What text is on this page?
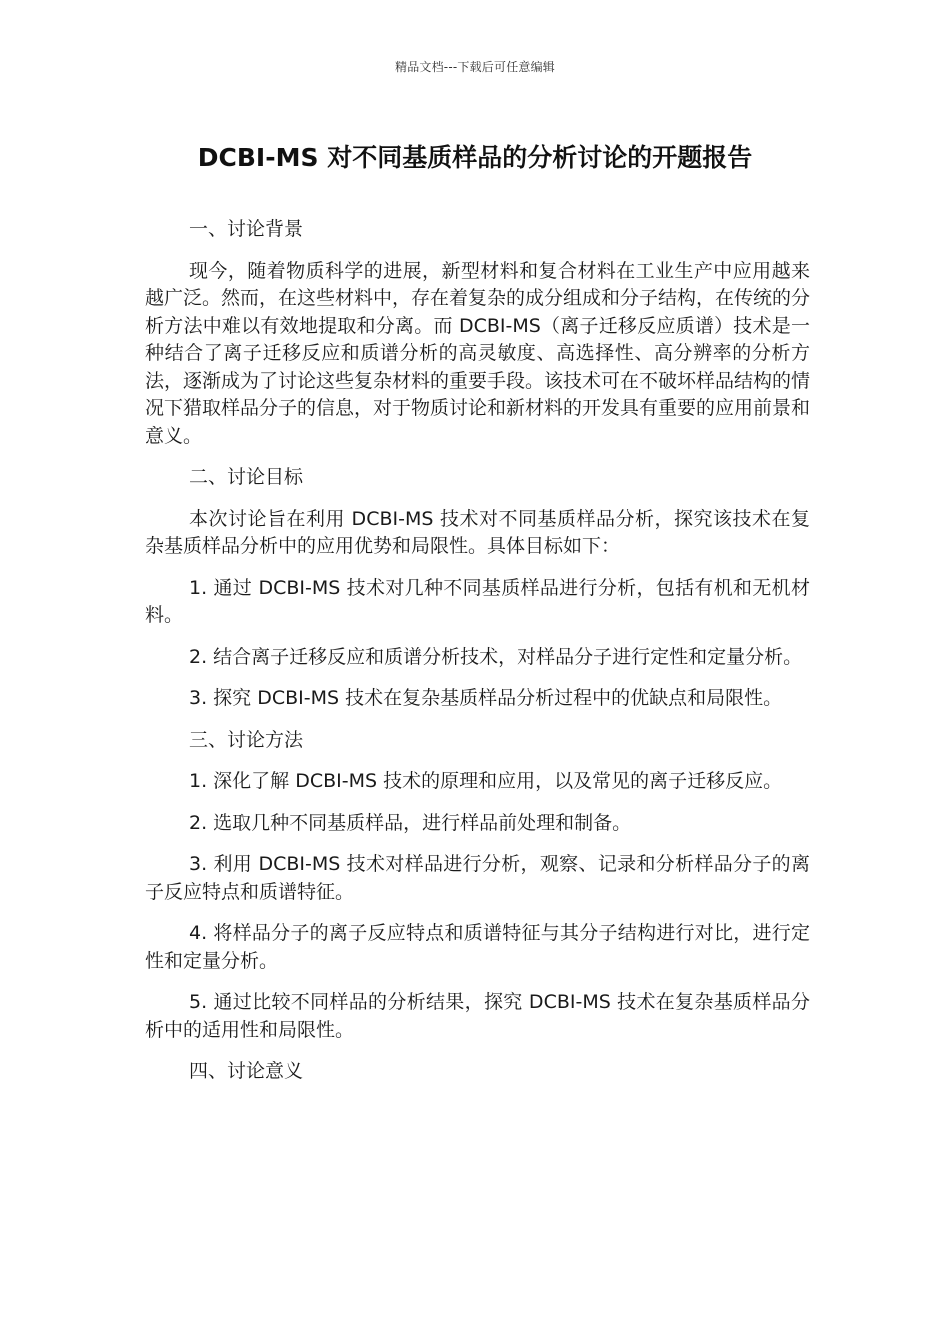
精品文档---下载后可任意编辑
DCBI-MS 对不同基质样品的分析讨论的开题报告

一、讨论背景

现今，随着物质科学的进展，新型材料和复合材料在工业生产中应用越来越广泛。然而，在这些材料中，存在着复杂的成分组成和分子结构，在传统的分析方法中难以有效地提取和分离。而 DCBI-MS（离子迁移反应质谱）技术是一种结合了离子迁移反应和质谱分析的高灵敏度、高选择性、高分辨率的分析方法，逐渐成为了讨论这些复杂材料的重要手段。该技术可在不破坏样品结构的情况下猎取样品分子的信息，对于物质讨论和新材料的开发具有重要的应用前景和意义。

二、讨论目标

本次讨论旨在利用 DCBI-MS 技术对不同基质样品分析，探究该技术在复杂基质样品分析中的应用优势和局限性。具体目标如下：

1. 通过 DCBI-MS 技术对几种不同基质样品进行分析，包括有机和无机材料。

2. 结合离子迁移反应和质谱分析技术，对样品分子进行定性和定量分析。

3. 探究 DCBI-MS 技术在复杂基质样品分析过程中的优缺点和局限性。

三、讨论方法

1. 深化了解 DCBI-MS 技术的原理和应用，以及常见的离子迁移反应。

2. 选取几种不同基质样品，进行样品前处理和制备。

3. 利用 DCBI-MS 技术对样品进行分析，观察、记录和分析样品分子的离子反应特点和质谱特征。

4. 将样品分子的离子反应特点和质谱特征与其分子结构进行对比，进行定性和定量分析。

5. 通过比较不同样品的分析结果，探究 DCBI-MS 技术在复杂基质样品分析中的适用性和局限性。

四、讨论意义
